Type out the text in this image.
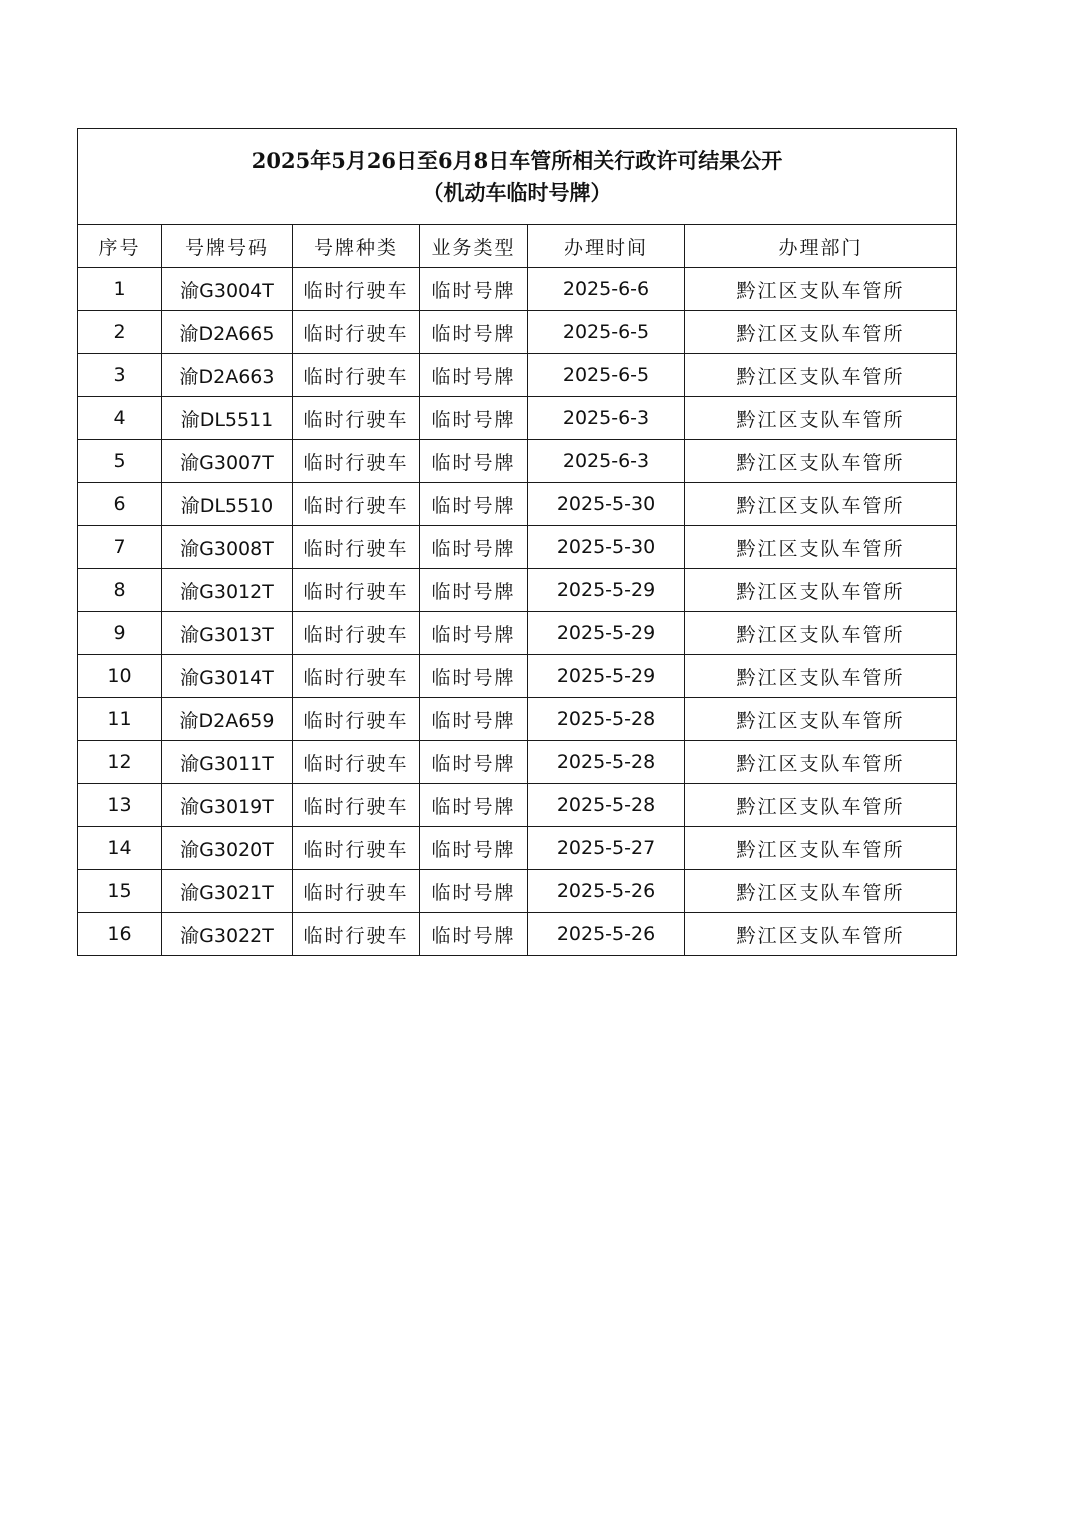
2025年5月26日至6月8日车管所相关行政许可结果公开
（机动车临时号牌）					

序号	号牌号码	号牌种类	业务类型	办理时间	办理部门
1	渝G3004T	临时行驶车	临时号牌	2025-6-6	黔江区支队车管所
2	渝D2A665	临时行驶车	临时号牌	2025-6-5	黔江区支队车管所
3	渝D2A663	临时行驶车	临时号牌	2025-6-5	黔江区支队车管所
4	渝DL5511	临时行驶车	临时号牌	2025-6-3	黔江区支队车管所
5	渝G3007T	临时行驶车	临时号牌	2025-6-3	黔江区支队车管所
6	渝DL5510	临时行驶车	临时号牌	2025-5-30	黔江区支队车管所
7	渝G3008T	临时行驶车	临时号牌	2025-5-30	黔江区支队车管所
8	渝G3012T	临时行驶车	临时号牌	2025-5-29	黔江区支队车管所
9	渝G3013T	临时行驶车	临时号牌	2025-5-29	黔江区支队车管所
10	渝G3014T	临时行驶车	临时号牌	2025-5-29	黔江区支队车管所
11	渝D2A659	临时行驶车	临时号牌	2025-5-28	黔江区支队车管所
12	渝G3011T	临时行驶车	临时号牌	2025-5-28	黔江区支队车管所
13	渝G3019T	临时行驶车	临时号牌	2025-5-28	黔江区支队车管所
14	渝G3020T	临时行驶车	临时号牌	2025-5-27	黔江区支队车管所
15	渝G3021T	临时行驶车	临时号牌	2025-5-26	黔江区支队车管所
16	渝G3022T	临时行驶车	临时号牌	2025-5-26	黔江区支队车管所
